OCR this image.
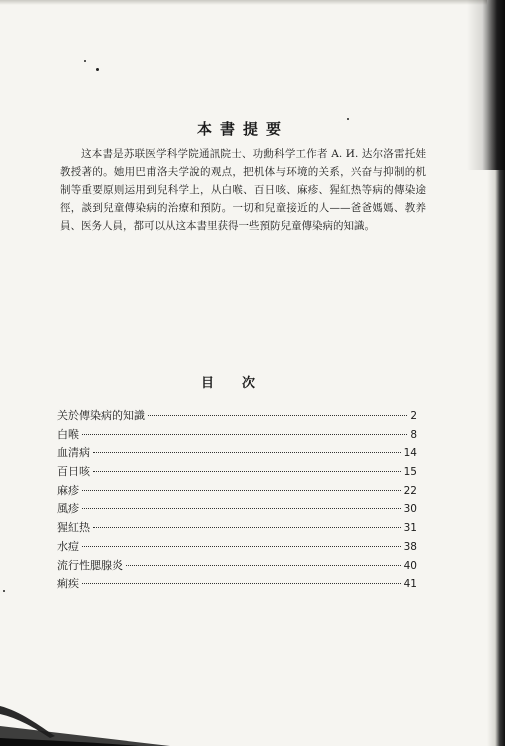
本書提要

这本書是苏联医学科学院通訊院士、功勳科学工作者 A. И. 达尔洛雷托娃教授著的。她用巴甫洛夫学說的观点，把机体与环境的关系，兴奋与抑制的机制等重要原则运用到兒科学上，从白喉、百日咳、麻疹、猩紅热等病的傳染途徑，談到兒童傳染病的治療和預防。一切和兒童接近的人——爸爸媽媽、教养員、医务人員，都可以从这本書里获得一些預防兒童傳染病的知識。

目次
关於傳染病的知識	2
白喉	8
血清病	14
百日咳	15
麻疹	22
風疹	30
猩紅热	31
水痘	38
流行性腮腺炎	40
痢疾	41
